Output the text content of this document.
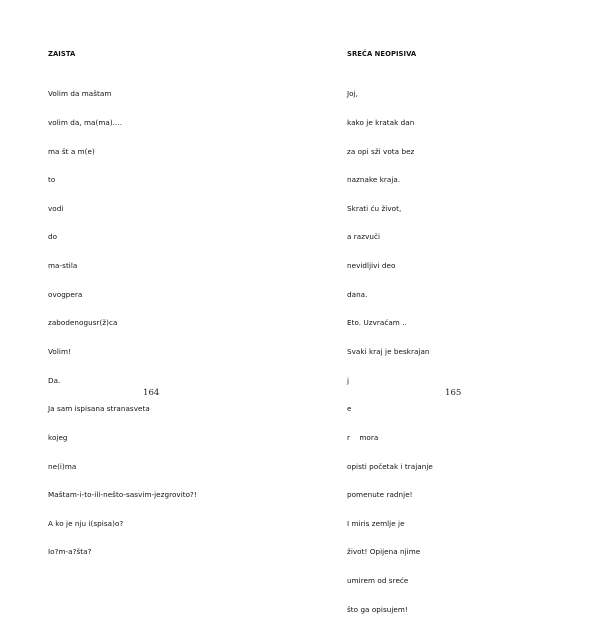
ZAISTA

Volim da maštam

volim da, ma(ma)....

ma št a m(e)

to

vodi

do

ma-stila

ovogpera

zabodenogusr(ž)ca

Volim!

Da.

Ja sam ispisana stranasveta

kojeg

ne(i)ma

Maštam-i-to-ili-nešto-sasvim-jezgrovito?!

A ko je nju i(spisa)o?

Io?m-a?šta?

164

SREĆA NEOPISIVA

Joj,

kako je kratak dan

za opi sži vota bez

naznake kraja.

Skrati ću život,

a razvuči

nevidljivi deo

dana.

Eto. Uzvraćam ..

Svaki kraj je beskrajan

j

e

r    mora

opisti početak i trajanje

pomenute radnje!

I miris zemlje je

život! Opijena njime

umirem od sreće

što ga opisujem!

165
